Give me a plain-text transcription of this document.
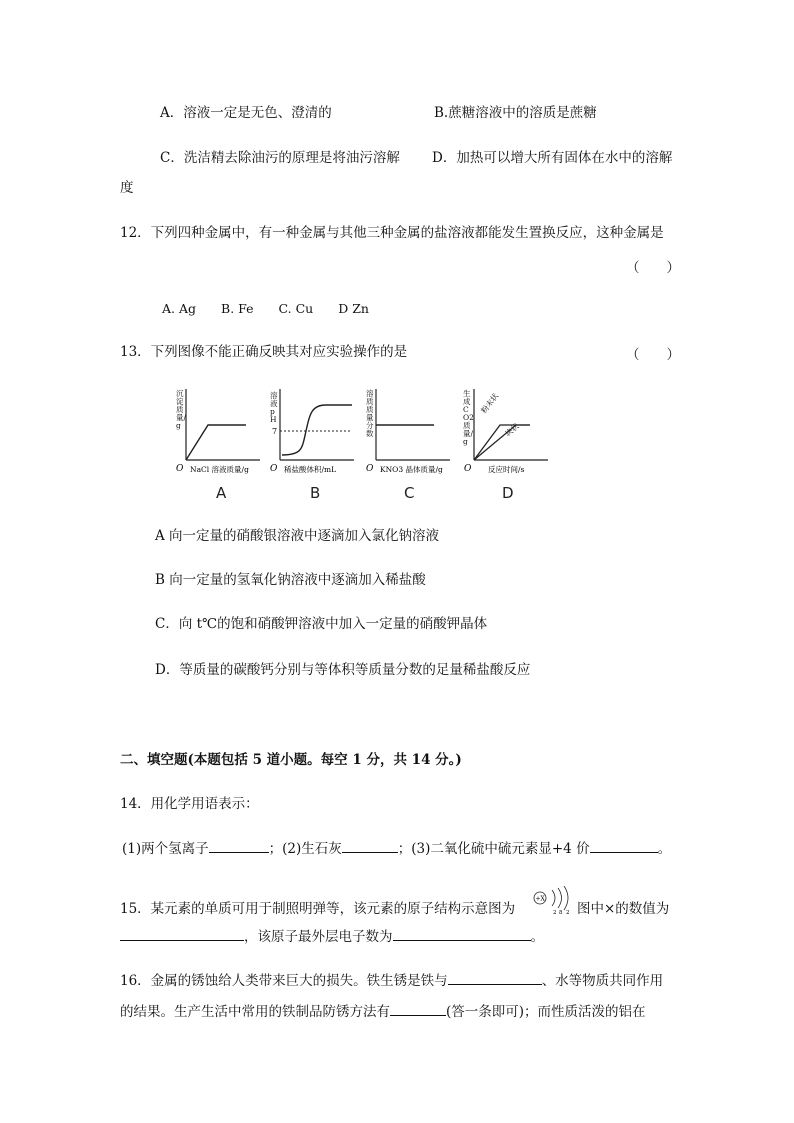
A．溶液一定是无色、澄清的	B.蔗糖溶液中的溶质是蔗糖
C．洗洁精去除油污的原理是将油污溶解 D．加热可以增大所有固体在水中的溶解
度
12．下列四种金属中，有一种金属与其他三种金属的盐溶液都能发生置换反应，这种金属是
（　　）
A. Ag　　B. Fe　　C. Cu　　D Zn
13．下列图像不能正确反映其对应实验操作的是	（　　）
O NaCl 溶液质量/g
沉淀质量/g
A
O
7
稀盐酸体积/mL
溶液pH
B
O KNO3 晶体质量/g
溶质质量分数
C
O 反应时间/s
生成CO2质量/g
粉末状
块状
D
A 向一定量的硝酸银溶液中逐滴加入氯化钠溶液
B 向一定量的氢氧化钠溶液中逐滴加入稀盐酸
C．向 t℃的饱和硝酸钾溶液中加入一定量的硝酸钾晶体
D．等质量的碳酸钙分别与等体积等质量分数的足量稀盐酸反应
二、填空题(本题包括 5 道小题。每空 1 分，共 14 分。)
14．用化学用语表示：
(1)两个氢离子	；(2)生石灰	；(3)二氧化硫中硫元素显+4 价	。
15．某元素的单质可用于制照明弹等，该元素的原子结构示意图为
+X
2 8 2 图中×的数值为
，该原子最外层电子数为	。
16．金属的锈蚀给人类带来巨大的损失。铁生锈是铁与	、水等物质共同作用
的结果。生产生活中常用的铁制品防锈方法有	(答一条即可)；而性质活泼的铝在
